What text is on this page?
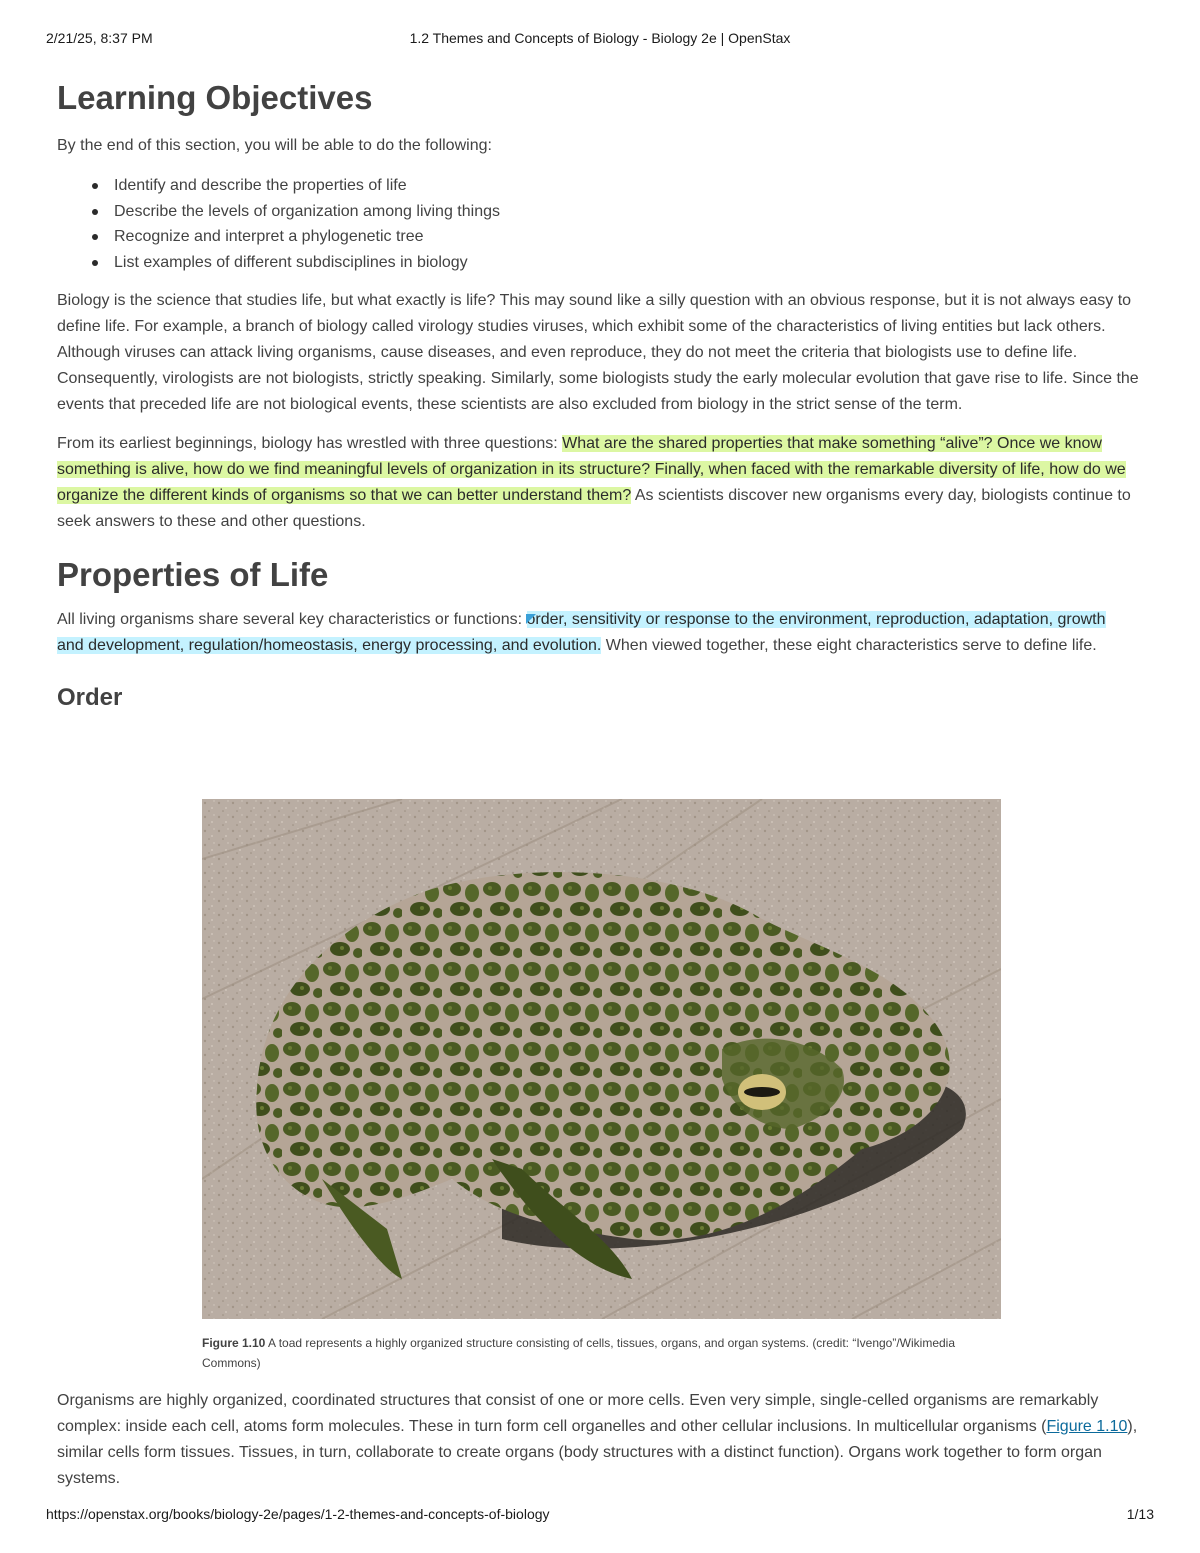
2/21/25, 8:37 PM	1.2 Themes and Concepts of Biology - Biology 2e | OpenStax
Learning Objectives

By the end of this section, you will be able to do the following:

Identify and describe the properties of life
Describe the levels of organization among living things
Recognize and interpret a phylogenetic tree
List examples of different subdisciplines in biology

Biology is the science that studies life, but what exactly is life? This may sound like a silly question with an obvious response, but it is not always easy to define life. For example, a branch of biology called virology studies viruses, which exhibit some of the characteristics of living entities but lack others. Although viruses can attack living organisms, cause diseases, and even reproduce, they do not meet the criteria that biologists use to define life. Consequently, virologists are not biologists, strictly speaking. Similarly, some biologists study the early molecular evolution that gave rise to life. Since the events that preceded life are not biological events, these scientists are also excluded from biology in the strict sense of the term.

From its earliest beginnings, biology has wrestled with three questions: What are the shared properties that make something “alive”? Once we know something is alive, how do we find meaningful levels of organization in its structure? Finally, when faced with the remarkable diversity of life, how do we organize the different kinds of organisms so that we can better understand them? As scientists discover new organisms every day, biologists continue to seek answers to these and other questions.

Properties of Life

All living organisms share several key characteristics or functions: order, sensitivity or response to the environment, reproduction, adaptation, growth and development, regulation/homeostasis, energy processing, and evolution. When viewed together, these eight characteristics serve to define life.

Order
Figure 1.10 A toad represents a highly organized structure consisting of cells, tissues, organs, and organ systems. (credit: “Ivengo”/Wikimedia Commons)

Organisms are highly organized, coordinated structures that consist of one or more cells. Even very simple, single-celled organisms are remarkably complex: inside each cell, atoms form molecules. These in turn form cell organelles and other cellular inclusions. In multicellular organisms (Figure 1.10), similar cells form tissues. Tissues, in turn, collaborate to create organs (body structures with a distinct function). Organs work together to form organ systems.

https://openstax.org/books/biology-2e/pages/1-2-themes-and-concepts-of-biology	1/13
